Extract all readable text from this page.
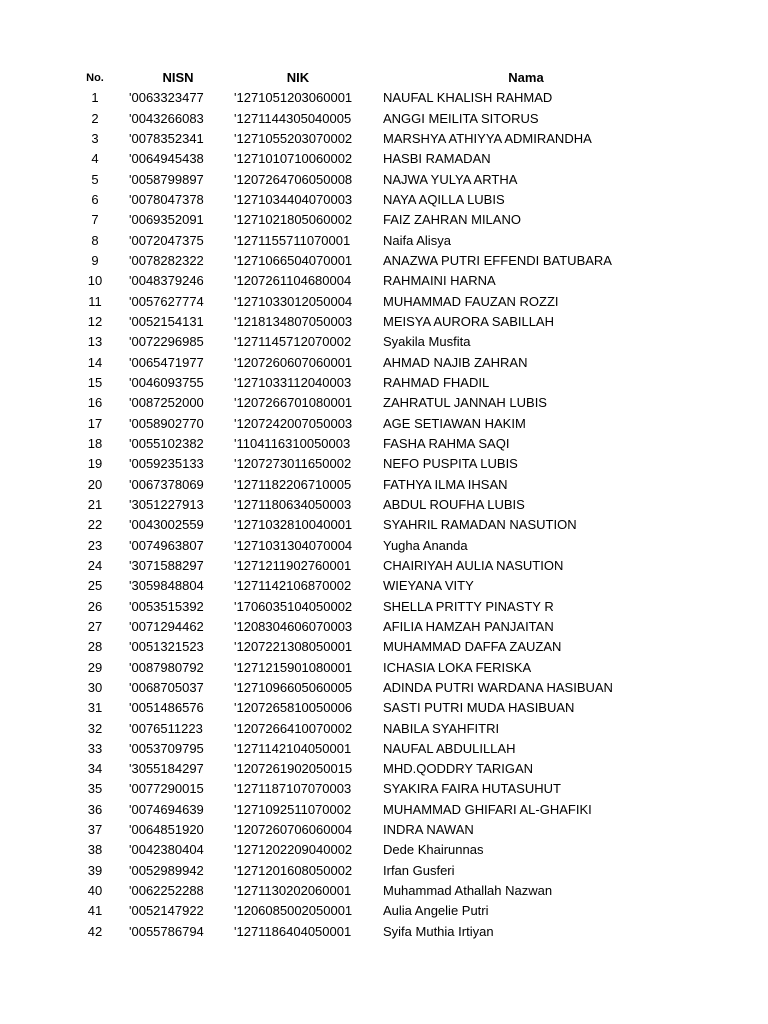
No.	NISN	NIK	Nama
1	'0063323477	'1271051203060001	NAUFAL KHALISH RAHMAD
2	'0043266083	'1271144305040005	ANGGI MEILITA SITORUS
3	'0078352341	'1271055203070002	MARSHYA ATHIYYA ADMIRANDHA
4	'0064945438	'1271010710060002	HASBI RAMADAN
5	'0058799897	'1207264706050008	NAJWA YULYA ARTHA
6	'0078047378	'1271034404070003	NAYA AQILLA LUBIS
7	'0069352091	'1271021805060002	FAIZ ZAHRAN MILANO
8	'0072047375	'1271155711070001	Naifa Alisya
9	'0078282322	'1271066504070001	ANAZWA PUTRI EFFENDI BATUBARA
10	'0048379246	'1207261104680004	RAHMAINI HARNA
11	'0057627774	'1271033012050004	MUHAMMAD FAUZAN ROZZI
12	'0052154131	'1218134807050003	MEISYA AURORA SABILLAH
13	'0072296985	'1271145712070002	Syakila Musfita
14	'0065471977	'1207260607060001	AHMAD NAJIB ZAHRAN
15	'0046093755	'1271033112040003	RAHMAD FHADIL
16	'0087252000	'1207266701080001	ZAHRATUL JANNAH LUBIS
17	'0058902770	'1207242007050003	AGE SETIAWAN HAKIM
18	'0055102382	'1104116310050003	FASHA RAHMA SAQI
19	'0059235133	'1207273011650002	NEFO PUSPITA LUBIS
20	'0067378069	'1271182206710005	FATHYA ILMA IHSAN
21	'3051227913	'1271180634050003	ABDUL ROUFHA LUBIS
22	'0043002559	'1271032810040001	SYAHRIL RAMADAN NASUTION
23	'0074963807	'1271031304070004	Yugha Ananda
24	'3071588297	'1271211902760001	CHAIRIYAH AULIA NASUTION
25	'3059848804	'1271142106870002	WIEYANA VITY
26	'0053515392	'1706035104050002	SHELLA PRITTY PINASTY R
27	'0071294462	'1208304606070003	AFILIA HAMZAH PANJAITAN
28	'0051321523	'1207221308050001	MUHAMMAD DAFFA ZAUZAN
29	'0087980792	'1271215901080001	ICHASIA LOKA FERISKA
30	'0068705037	'1271096605060005	ADINDA PUTRI WARDANA HASIBUAN
31	'0051486576	'1207265810050006	SASTI PUTRI MUDA HASIBUAN
32	'0076511223	'1207266410070002	NABILA SYAHFITRI
33	'0053709795	'1271142104050001	NAUFAL ABDULILLAH
34	'3055184297	'1207261902050015	MHD.QODDRY TARIGAN
35	'0077290015	'1271187107070003	SYAKIRA FAIRA HUTASUHUT
36	'0074694639	'1271092511070002	MUHAMMAD GHIFARI AL-GHAFIKI
37	'0064851920	'1207260706060004	INDRA NAWAN
38	'0042380404	'1271202209040002	Dede Khairunnas
39	'0052989942	'1271201608050002	Irfan Gusferi
40	'0062252288	'1271130202060001	Muhammad Athallah Nazwan
41	'0052147922	'1206085002050001	Aulia Angelie Putri
42	'0055786794	'1271186404050001	Syifa Muthia Irtiyan
